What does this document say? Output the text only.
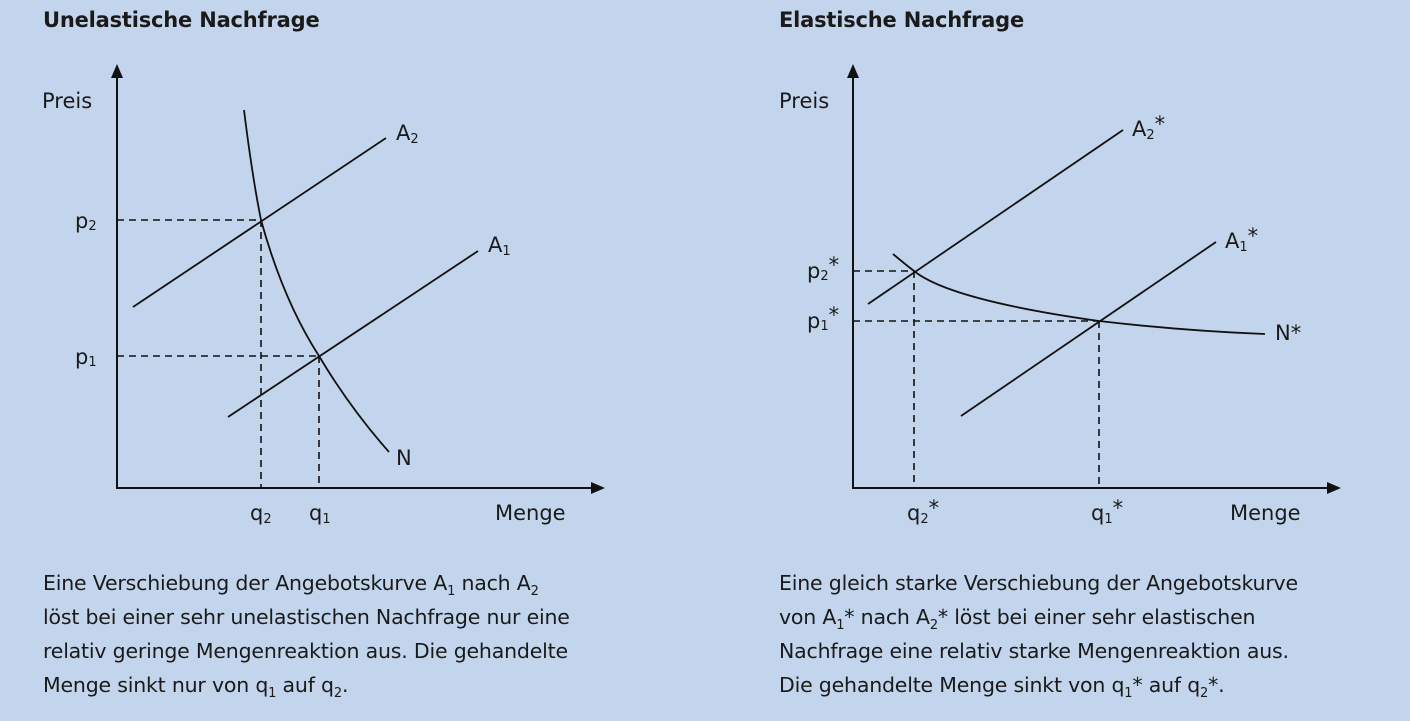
Unelastische Nachfrage
Preis
Menge
p2
p1
q2 q1
A2
A1
N
Eine Verschiebung der Angebotskurve $A_1$ nach $A_2$
löst bei einer sehr unelastischen Nachfrage nur eine
relativ geringe Mengenreaktion aus. Die gehandelte
Menge sinkt nur von $q_1$ auf $q_2$.
Elastische Nachfrage
Preis
Menge
p2*
p1*
q2*	q1*
A2*
A1*
N*
Eine gleich starke Verschiebung der Angebotskurve
von $A_1*$ nach $A_2*$ löst bei einer sehr elastischen
Nachfrage eine relativ starke Mengenreaktion aus.
Die gehandelte Menge sinkt von $q_1*$ auf $q_2*$.
